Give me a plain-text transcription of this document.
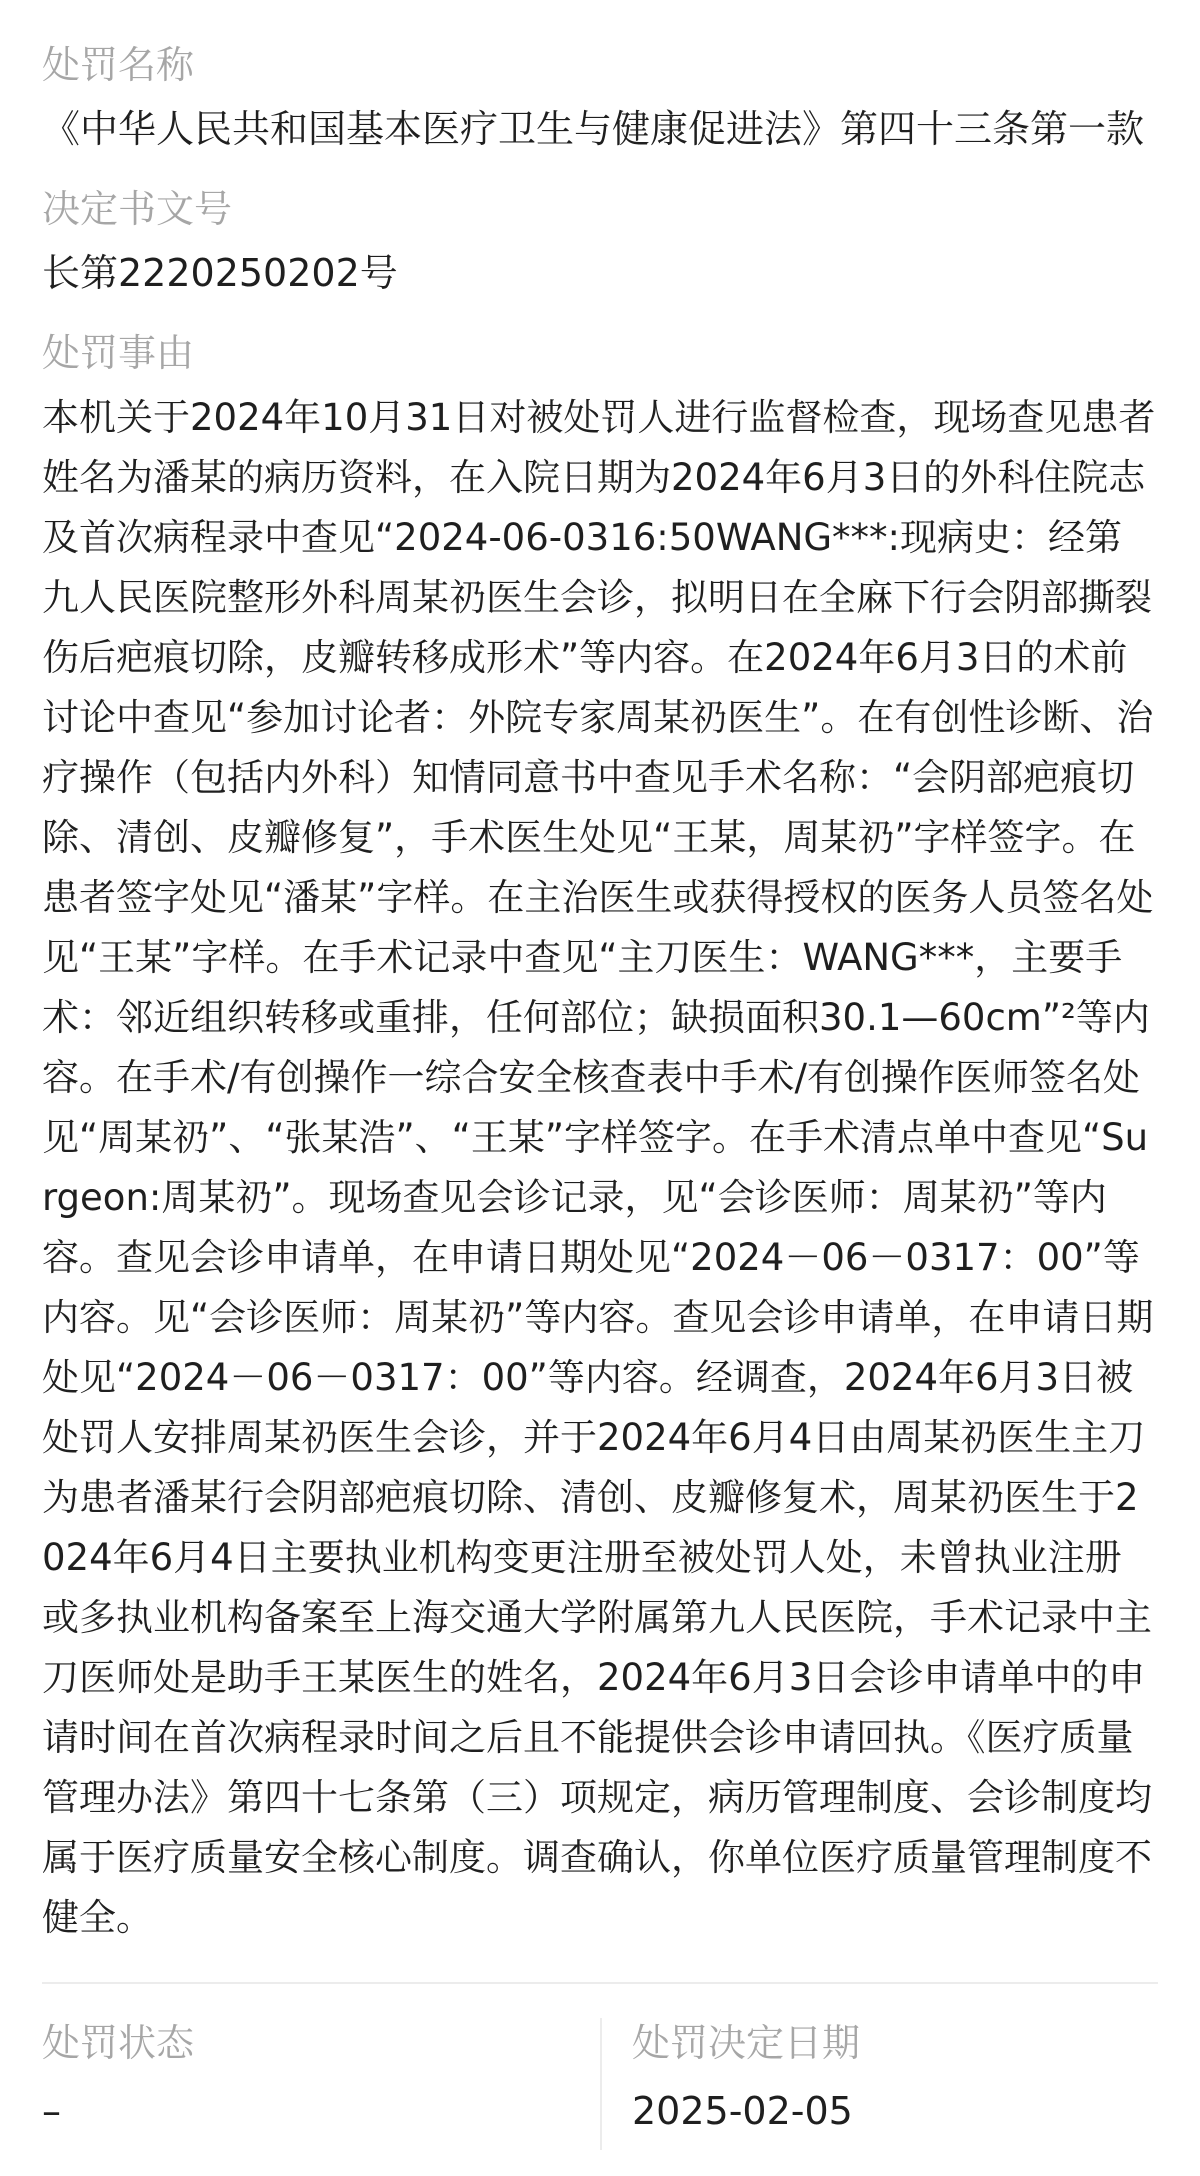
处罚名称
《中华人民共和国基本医疗卫生与健康促进法》第四十三条第一款
决定书文号
长第2220250202号
处罚事由
本机关于2024年10月31日对被处罚人进行监督检查，现场查见患者姓名为潘某的病历资料，在入院日期为2024年6月3日的外科住院志及首次病程录中查见“2024-06-0316:50WANG***:现病史：经第九人民医院整形外科周某礽医生会诊，拟明日在全麻下行会阴部撕裂伤后疤痕切除，皮瓣转移成形术”等内容。在2024年6月3日的术前讨论中查见“参加讨论者：外院专家周某礽医生”。在有创性诊断、治疗操作（包括内外科）知情同意书中查见手术名称：“会阴部疤痕切除、清创、皮瓣修复”，手术医生处见“王某，周某礽”字样签字。在患者签字处见“潘某”字样。在主治医生或获得授权的医务人员签名处见“王某”字样。在手术记录中查见“主刀医生：WANG***，主要手术：邻近组织转移或重排，任何部位；缺损面积30.1—60cm”²等内容。在手术/有创操作一综合安全核查表中手术/有创操作医师签名处见“周某礽”、“张某浩”、“王某”字样签字。在手术清点单中查见“Surgeon:周某礽”。现场查见会诊记录，见“会诊医师：周某礽”等内容。查见会诊申请单，在申请日期处见“2024－06－0317：00”等内容。见“会诊医师：周某礽”等内容。查见会诊申请单，在申请日期处见“2024－06－0317：00”等内容。经调查，2024年6月3日被处罚人安排周某礽医生会诊，并于2024年6月4日由周某礽医生主刀为患者潘某行会阴部疤痕切除、清创、皮瓣修复术，周某礽医生于2024年6月4日主要执业机构变更注册至被处罚人处，未曾执业注册或多执业机构备案至上海交通大学附属第九人民医院，手术记录中主刀医师处是助手王某医生的姓名，2024年6月3日会诊申请单中的申请时间在首次病程录时间之后且不能提供会诊申请回执。《医疗质量管理办法》第四十七条第（三）项规定，病历管理制度、会诊制度均属于医疗质量安全核心制度。调查确认，你单位医疗质量管理制度不健全。
处罚状态
–
处罚决定日期
2025-02-05
